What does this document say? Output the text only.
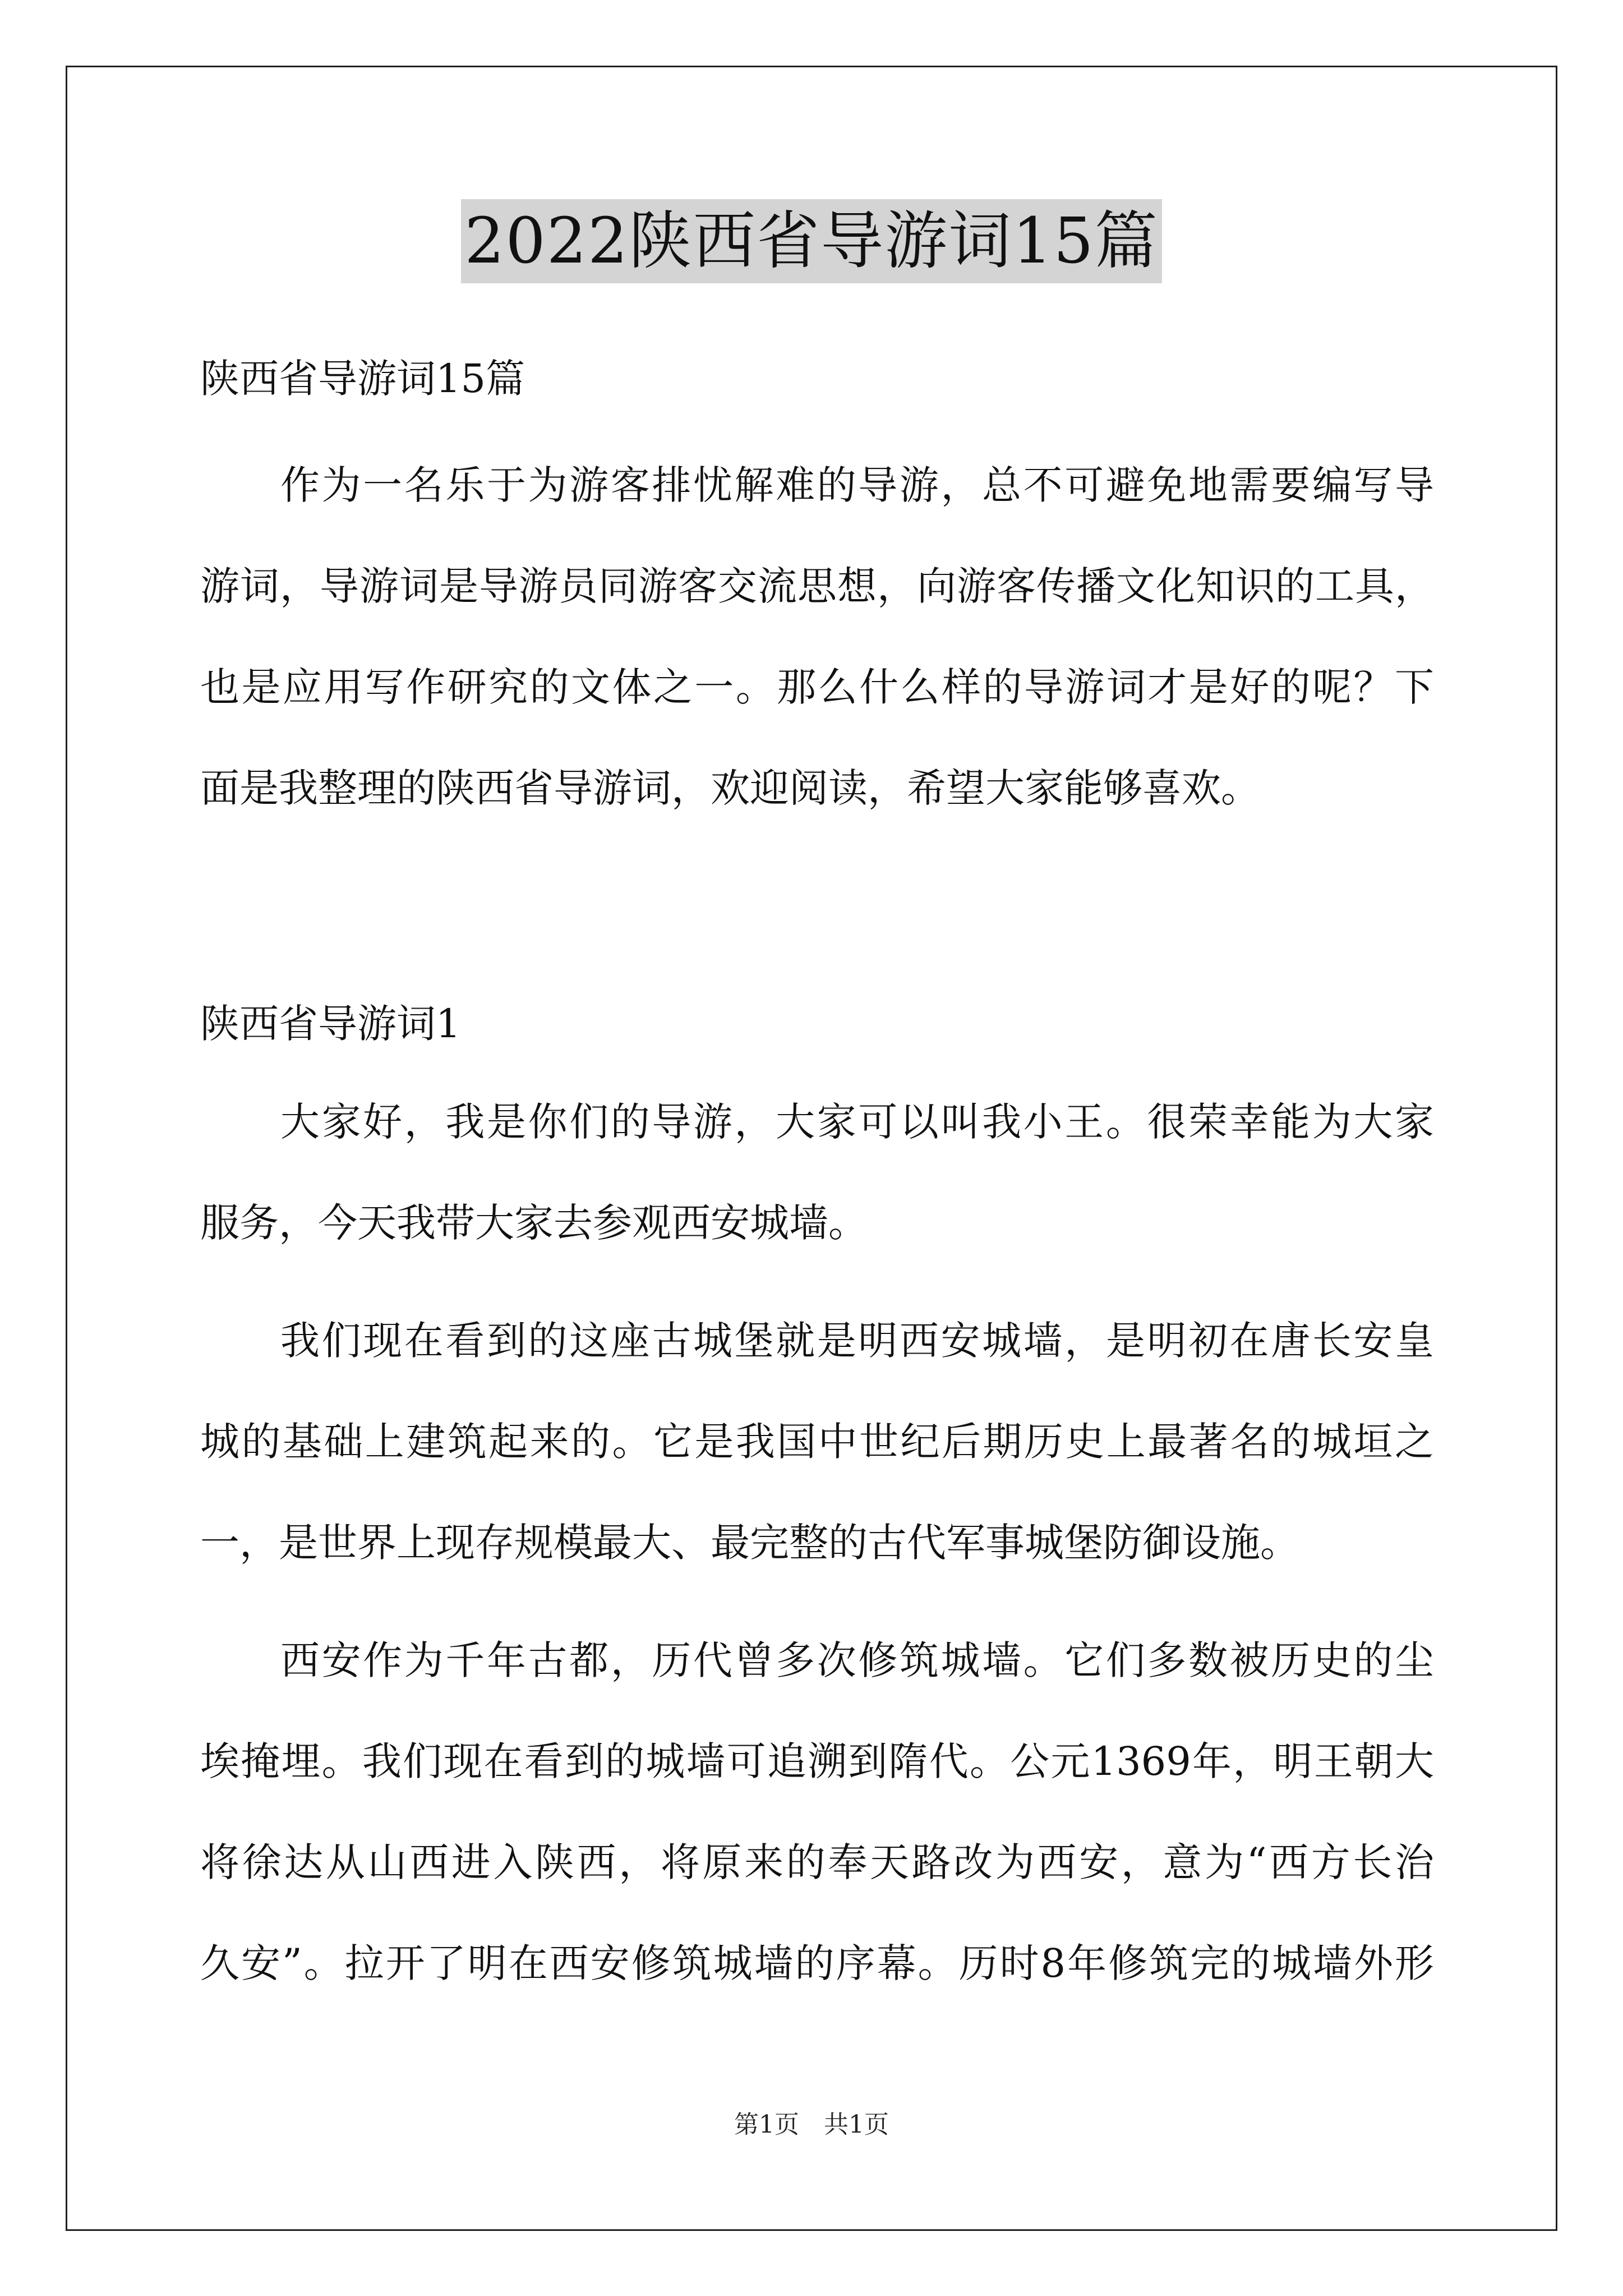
2022陕西省导游词15篇
陕西省导游词15篇
作为一名乐于为游客排忧解难的导游，总不可避免地需要编写导
游词，导游词是导游员同游客交流思想，向游客传播文化知识的工具，
也是应用写作研究的文体之一。那么什么样的导游词才是好的呢？下
面是我整理的陕西省导游词，欢迎阅读，希望大家能够喜欢。
陕西省导游词1
大家好，我是你们的导游，大家可以叫我小王。很荣幸能为大家
服务，今天我带大家去参观西安城墙。
我们现在看到的这座古城堡就是明西安城墙，是明初在唐长安皇
城的基础上建筑起来的。它是我国中世纪后期历史上最著名的城垣之
一，是世界上现存规模最大、最完整的古代军事城堡防御设施。
西安作为千年古都，历代曾多次修筑城墙。它们多数被历史的尘
埃掩埋。我们现在看到的城墙可追溯到隋代。公元1369年，明王朝大
将徐达从山西进入陕西，将原来的奉天路改为西安，意为“西方长治
久安”。拉开了明在西安修筑城墙的序幕。历时8年修筑完的城墙外形
第1页　共1页
